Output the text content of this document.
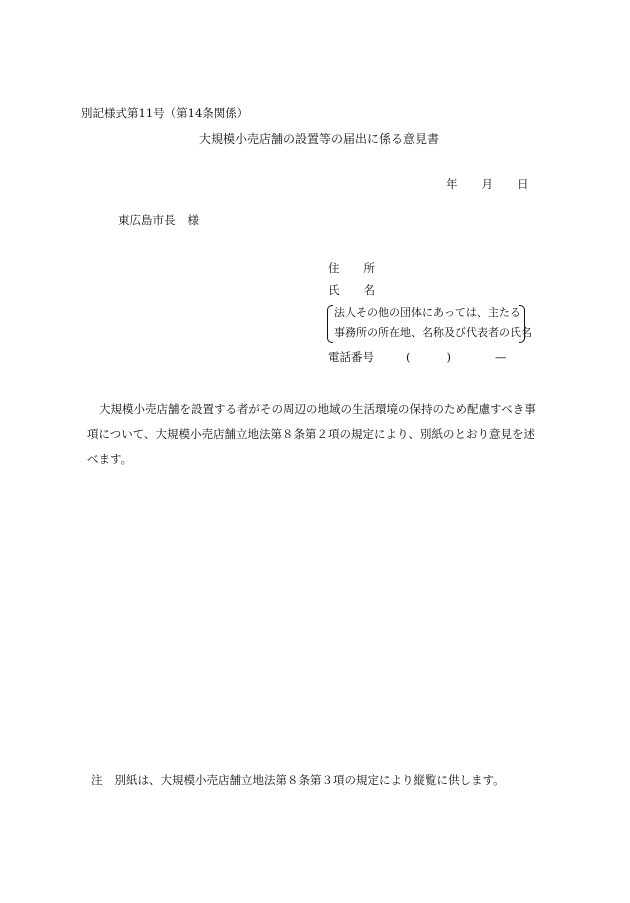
別記様式第11号（第14条関係）
大規模小売店舗の設置等の届出に係る意見書
年 月 日
東広島市長 様
住 所
氏 名
法人その他の団体にあっては、主たる
事務所の所在地、名称及び代表者の氏名
電話番号	(	)	—
大規模小売店舗を設置する者がその周辺の地域の生活環境の保持のため配慮すべき事
項について、大規模小売店舗立地法第８条第２項の規定により、別紙のとおり意見を述
べます。
注 別紙は、大規模小売店舗立地法第８条第３項の規定により縦覧に供します。
